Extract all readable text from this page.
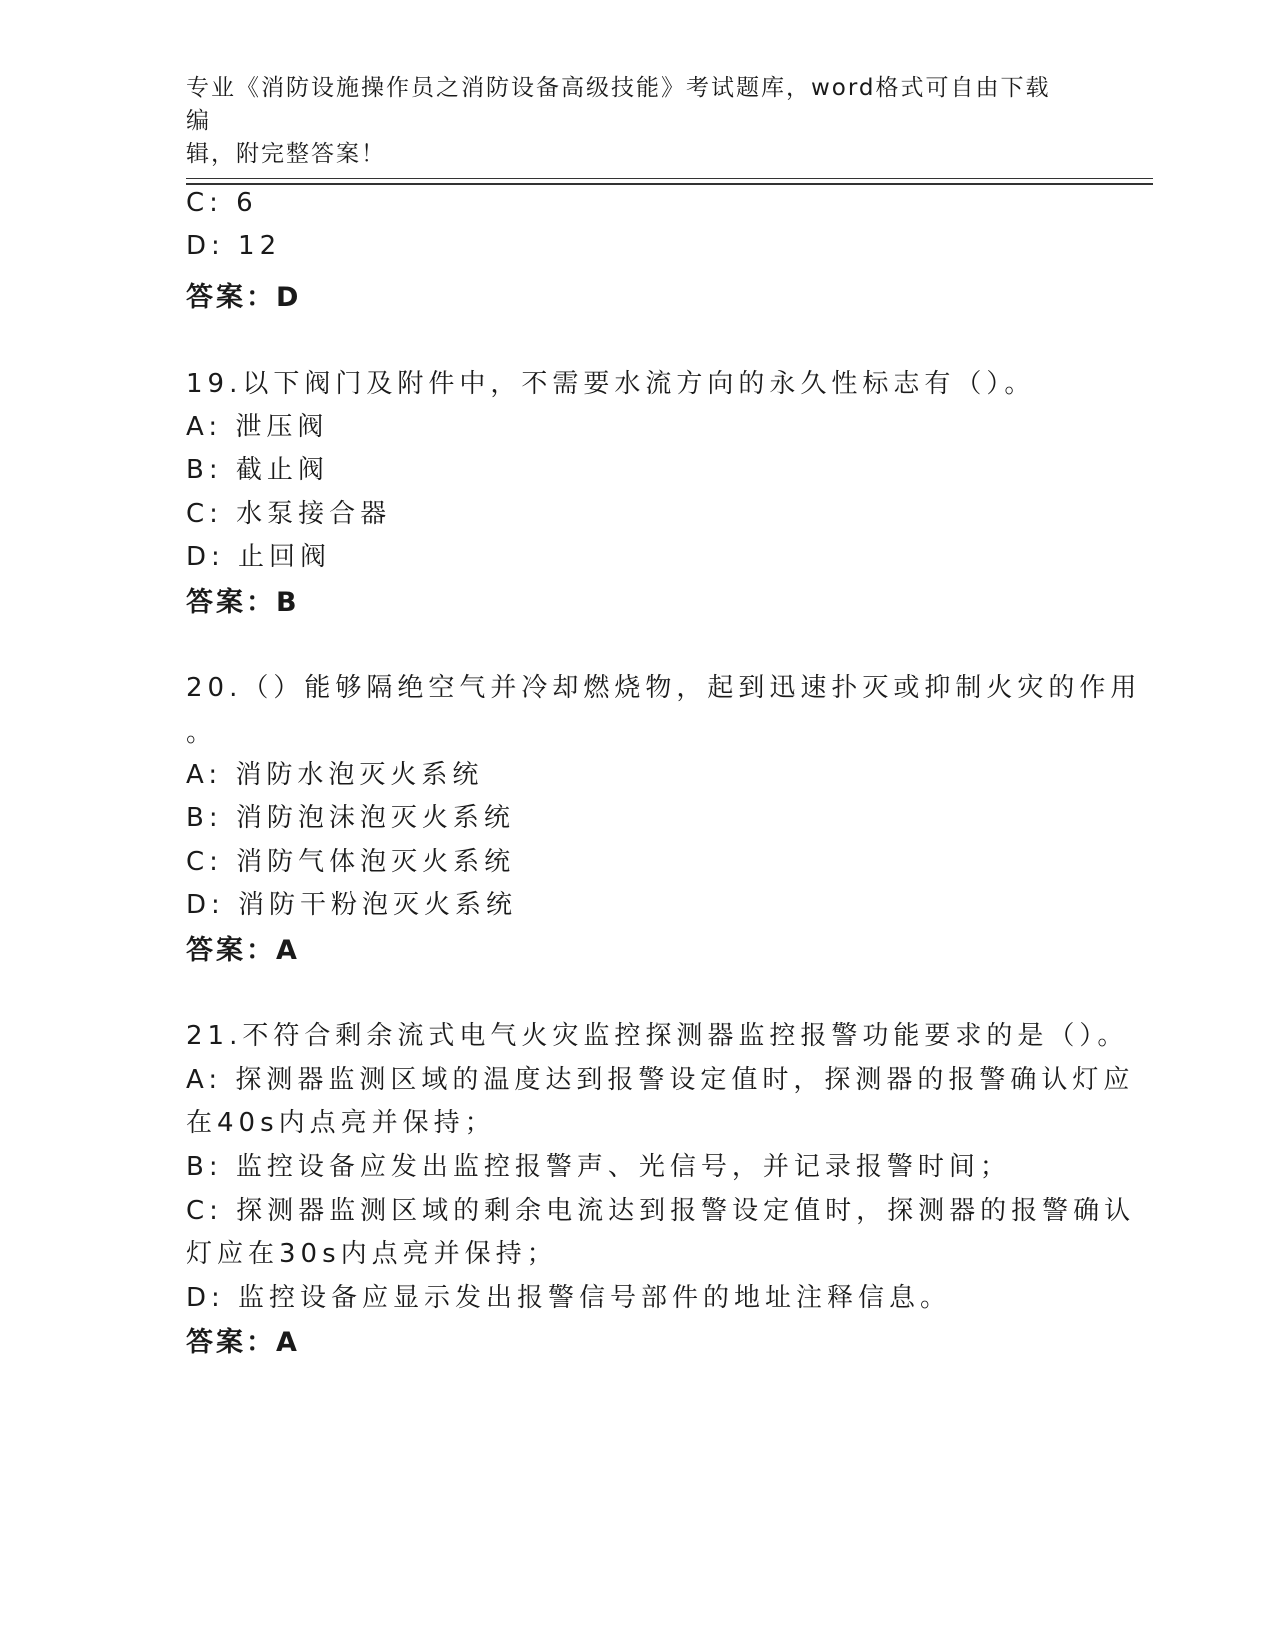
专业《消防设施操作员之消防设备高级技能》考试题库，word格式可自由下载编
辑，附完整答案！
C: 6
D: 12
答案：D
19.以下阀门及附件中，不需要水流方向的永久性标志有（）。
A: 泄压阀
B: 截止阀
C: 水泵接合器
D: 止回阀
答案：B
20.（）能够隔绝空气并冷却燃烧物，起到迅速扑灭或抑制火灾的作用
。
A: 消防水泡灭火系统
B: 消防泡沫泡灭火系统
C: 消防气体泡灭火系统
D: 消防干粉泡灭火系统
答案：A
21.不符合剩余流式电气火灾监控探测器监控报警功能要求的是（）。
A: 探测器监测区域的温度达到报警设定值时，探测器的报警确认灯应
在40s内点亮并保持；
B: 监控设备应发出监控报警声、光信号，并记录报警时间；
C: 探测器监测区域的剩余电流达到报警设定值时，探测器的报警确认
灯应在30s内点亮并保持；
D: 监控设备应显示发出报警信号部件的地址注释信息。
答案：A
